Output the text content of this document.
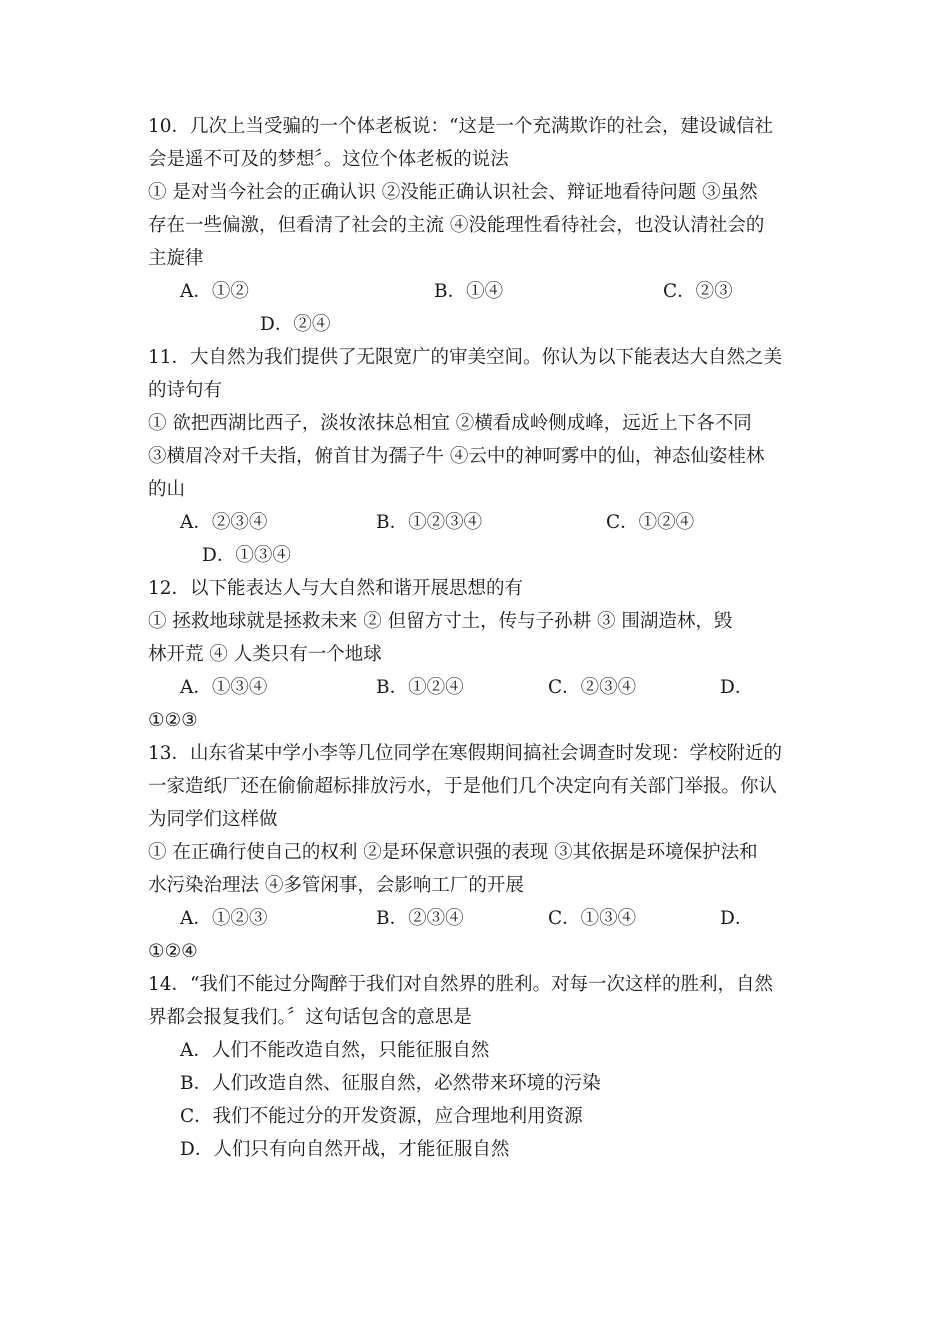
10．几次上当受骗的一个体老板说：“这是一个充满欺诈的社会，建设诚信社
会是遥不可及的梦想〞。这位个体老板的说法
① 是对当今社会的正确认识 ②没能正确认识社会、辩证地看待问题 ③虽然
存在一些偏激，但看清了社会的主流 ④没能理性看待社会，也没认清社会的
主旋律
A．①②	B．①④	C．②③
D．②④
11．大自然为我们提供了无限宽广的审美空间。你认为以下能表达大自然之美
的诗句有
① 欲把西湖比西子，淡妆浓抹总相宜 ②横看成岭侧成峰，远近上下各不同
③横眉冷对千夫指，俯首甘为孺子牛 ④云中的神呵雾中的仙，神态仙姿桂林
的山
A．②③④	B．①②③④	C．①②④
D．①③④
12．以下能表达人与大自然和谐开展思想的有
① 拯救地球就是拯救未来 ② 但留方寸土，传与子孙耕 ③ 围湖造林，毁
林开荒 ④ 人类只有一个地球
A．①③④	B．①②④	C．②③④	D．
①②③
13．山东省某中学小李等几位同学在寒假期间搞社会调查时发现：学校附近的
一家造纸厂还在偷偷超标排放污水，于是他们几个决定向有关部门举报。你认
为同学们这样做
① 在正确行使自己的权利 ②是环保意识强的表现 ③其依据是环境保护法和
水污染治理法 ④多管闲事，会影响工厂的开展
A．①②③	B．②③④	C．①③④	D．
①②④
14．“我们不能过分陶醉于我们对自然界的胜利。对每一次这样的胜利，自然
界都会报复我们。〞这句话包含的意思是
A．人们不能改造自然，只能征服自然
B．人们改造自然、征服自然，必然带来环境的污染
C．我们不能过分的开发资源，应合理地利用资源
D．人们只有向自然开战，才能征服自然
